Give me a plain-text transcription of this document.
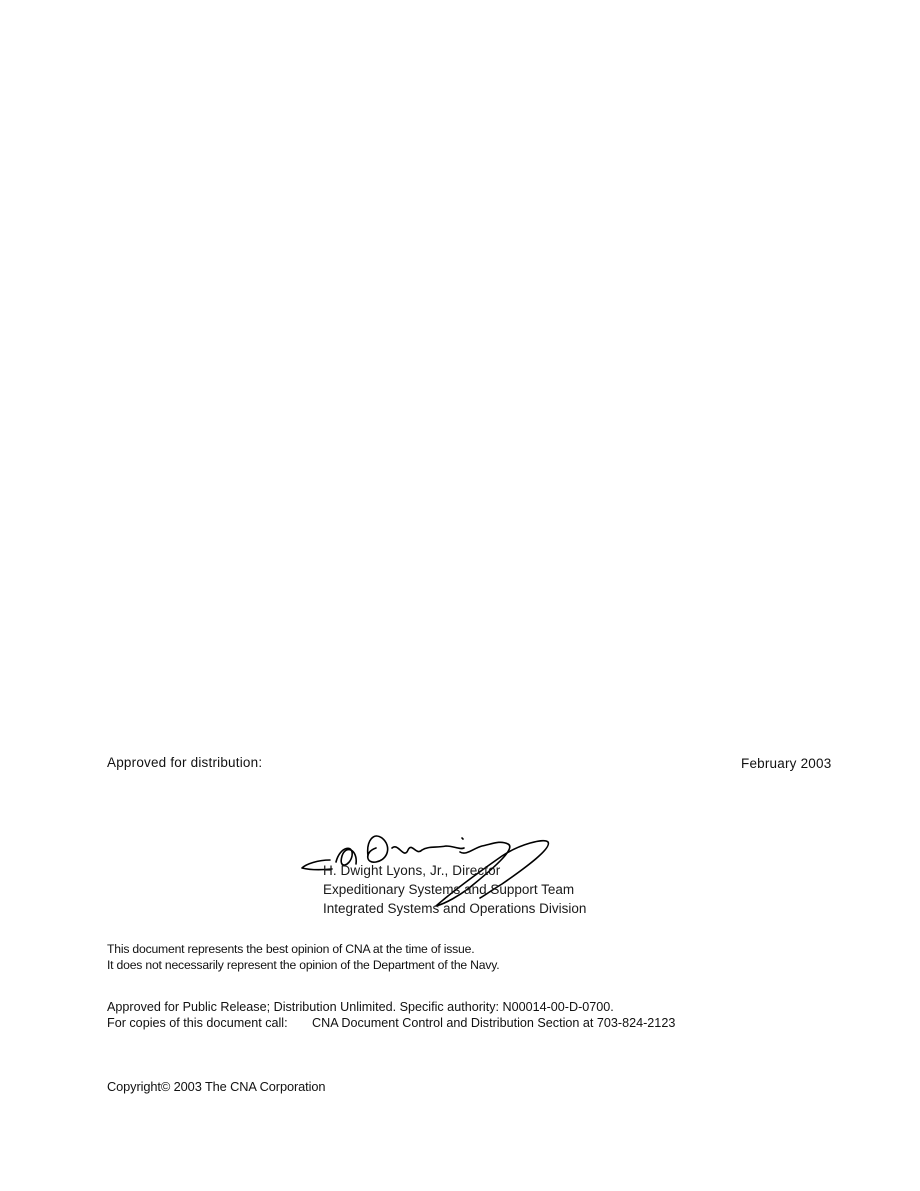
Approved for distribution:	February 2003
H. Dwight Lyons, Jr., Director
Expeditionary Systems and Support Team
Integrated Systems and Operations Division
This document represents the best opinion of CNA at the time of issue.
It does not necessarily represent the opinion of the Department of the Navy.
Approved for Public Release; Distribution Unlimited. Specific authority: N00014-00-D-0700.
For copies of this document call: CNA Document Control and Distribution Section at 703-824-2123
Copyright© 2003 The CNA Corporation
